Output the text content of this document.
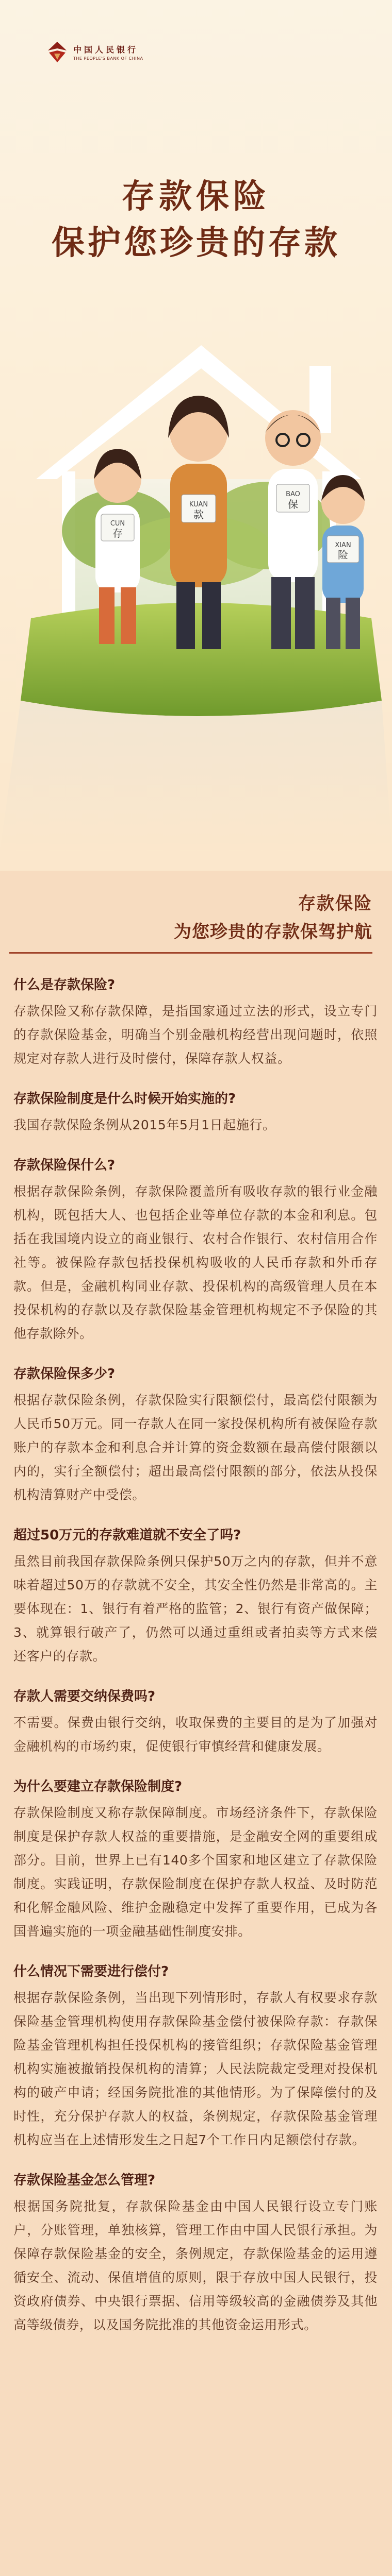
中国人民银行
THE PEOPLE'S BANK OF CHINA
存款保险
保护您珍贵的存款
CUN
存
KUAN
款
BAO
保
XIAN
险
存款保险
为您珍贵的存款保驾护航
什么是存款保险?
存款保险又称存款保障，是指国家通过立法的形式，设立专门的存款保险基金，明确当个别金融机构经营出现问题时，依照规定对存款人进行及时偿付，保障存款人权益。
存款保险制度是什么时候开始实施的?
我国存款保险条例从2015年5月1日起施行。
存款保险保什么?
根据存款保险条例，存款保险覆盖所有吸收存款的银行业金融机构，既包括大人、也包括企业等单位存款的本金和利息。包括在我国境内设立的商业银行、农村合作银行、农村信用合作社等。被保险存款包括投保机构吸收的人民币存款和外币存款。但是，金融机构同业存款、投保机构的高级管理人员在本投保机构的存款以及存款保险基金管理机构规定不予保险的其他存款除外。
存款保险保多少?
根据存款保险条例，存款保险实行限额偿付，最高偿付限额为人民币50万元。同一存款人在同一家投保机构所有被保险存款账户的存款本金和利息合并计算的资金数额在最高偿付限额以内的，实行全额偿付；超出最高偿付限额的部分，依法从投保机构清算财产中受偿。
超过50万元的存款难道就不安全了吗?
虽然目前我国存款保险条例只保护50万之内的存款，但并不意味着超过50万的存款就不安全，其安全性仍然是非常高的。主要体现在：1、银行有着严格的监管；2、银行有资产做保障；3、就算银行破产了，仍然可以通过重组或者拍卖等方式来偿还客户的存款。
存款人需要交纳保费吗?
不需要。保费由银行交纳，收取保费的主要目的是为了加强对金融机构的市场约束，促使银行审慎经营和健康发展。
为什么要建立存款保险制度?
存款保险制度又称存款保障制度。市场经济条件下，存款保险制度是保护存款人权益的重要措施，是金融安全网的重要组成部分。目前，世界上已有140多个国家和地区建立了存款保险制度。实践证明，存款保险制度在保护存款人权益、及时防范和化解金融风险、维护金融稳定中发挥了重要作用，已成为各国普遍实施的一项金融基础性制度安排。
什么情况下需要进行偿付?
根据存款保险条例，当出现下列情形时，存款人有权要求存款保险基金管理机构使用存款保险基金偿付被保险存款：存款保险基金管理机构担任投保机构的接管组织；存款保险基金管理机构实施被撤销投保机构的清算；人民法院裁定受理对投保机构的破产申请；经国务院批准的其他情形。为了保障偿付的及时性，充分保护存款人的权益，条例规定，存款保险基金管理机构应当在上述情形发生之日起7个工作日内足额偿付存款。
存款保险基金怎么管理?
根据国务院批复，存款保险基金由中国人民银行设立专门账户，分账管理，单独核算，管理工作由中国人民银行承担。为保障存款保险基金的安全，条例规定，存款保险基金的运用遵循安全、流动、保值增值的原则，限于存放中国人民银行，投资政府债券、中央银行票据、信用等级较高的金融债券及其他高等级债券，以及国务院批准的其他资金运用形式。
